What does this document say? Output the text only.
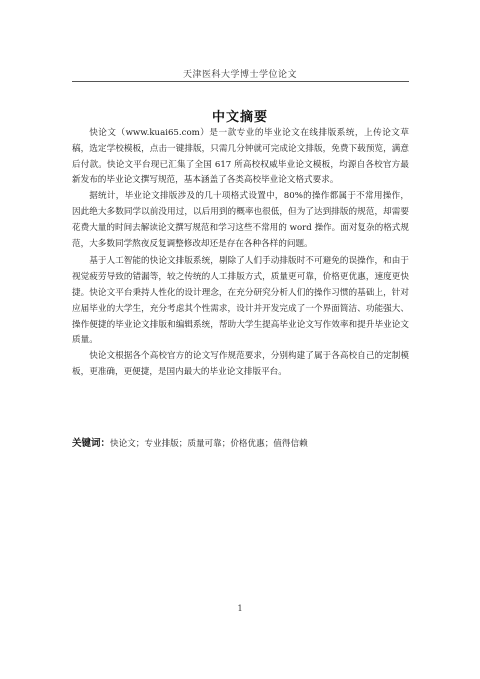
天津医科大学博士学位论文
中文摘要

快论文（www.kuai65.com）是一款专业的毕业论文在线排版系统，上传论文草稿，选定学校模板，点击一键排版，只需几分钟就可完成论文排版，免费下载预览，满意后付款。快论文平台现已汇集了全国 617 所高校权威毕业论文模板，均源自各校官方最新发布的毕业论文撰写规范，基本涵盖了各类高校毕业论文格式要求。

据统计，毕业论文排版涉及的几十项格式设置中，80%的操作都属于不常用操作，因此绝大多数同学以前没用过，以后用到的概率也很低，但为了达到排版的规范，却需要花费大量的时间去解读论文撰写规范和学习这些不常用的 word 操作。面对复杂的格式规范，大多数同学熬夜反复调整修改却还是存在各种各样的问题。

基于人工智能的快论文排版系统，剔除了人们手动排版时不可避免的误操作，和由于视觉疲劳导致的错漏等，较之传统的人工排版方式，质量更可靠，价格更优惠，速度更快捷。快论文平台秉持人性化的设计理念，在充分研究分析人们的操作习惯的基础上，针对应届毕业的大学生，充分考虑其个性需求，设计并开发完成了一个界面简洁、功能强大、操作便捷的毕业论文排版和编辑系统，帮助大学生提高毕业论文写作效率和提升毕业论文质量。

快论文根据各个高校官方的论文写作规范要求，分别构建了属于各高校自己的定制模板，更准确，更便捷，是国内最大的毕业论文排版平台。

关键词：快论文；专业排版；质量可靠；价格优惠；值得信赖
1
